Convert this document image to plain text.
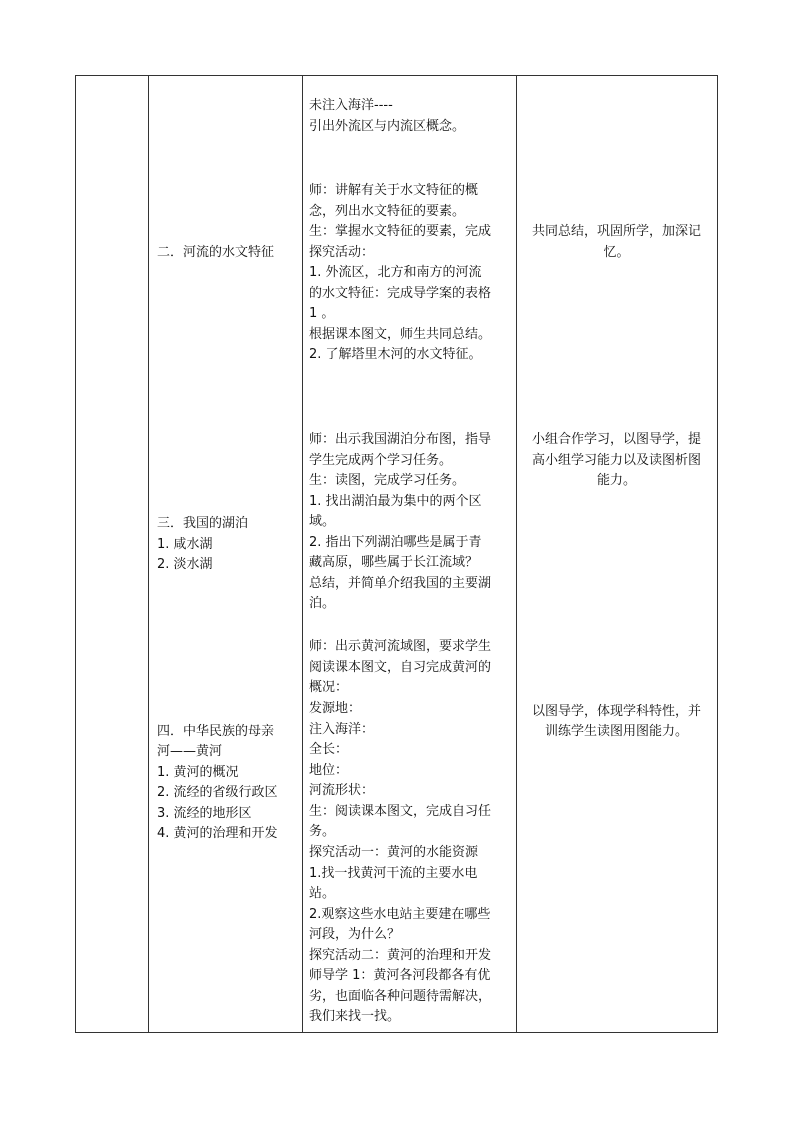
二．河流的水文特征
三．我国的湖泊
1. 咸水湖
2. 淡水湖
四．中华民族的母亲
河——黄河
1. 黄河的概况
2. 流经的省级行政区
3. 流经的地形区
4. 黄河的治理和开发
未注入海洋----
引出外流区与内流区概念。
师：讲解有关于水文特征的概
念，列出水文特征的要素。
生：掌握水文特征的要素，完成
探究活动：
1. 外流区，北方和南方的河流
的水文特征：完成导学案的表格
1 。
根据课本图文，师生共同总结。
2. 了解塔里木河的水文特征。
师：出示我国湖泊分布图，指导
学生完成两个学习任务。
生：读图，完成学习任务。
1. 找出湖泊最为集中的两个区
域。
2. 指出下列湖泊哪些是属于青
藏高原，哪些属于长江流域？
总结，并简单介绍我国的主要湖
泊。
师：出示黄河流域图，要求学生
阅读课本图文，自习完成黄河的
概况：
发源地：
注入海洋：
全长：
地位：
河流形状：
生：阅读课本图文，完成自习任
务。
探究活动一：黄河的水能资源
1.找一找黄河干流的主要水电
站。
2.观察这些水电站主要建在哪些
河段，为什么？
探究活动二：黄河的治理和开发
师导学 1：黄河各河段都各有优
劣，也面临各种问题待需解决，
我们来找一找。
共同总结，巩固所学，加深记
忆。
小组合作学习，以图导学，提
高小组学习能力以及读图析图
能力。
以图导学，体现学科特性，并
训练学生读图用图能力。
